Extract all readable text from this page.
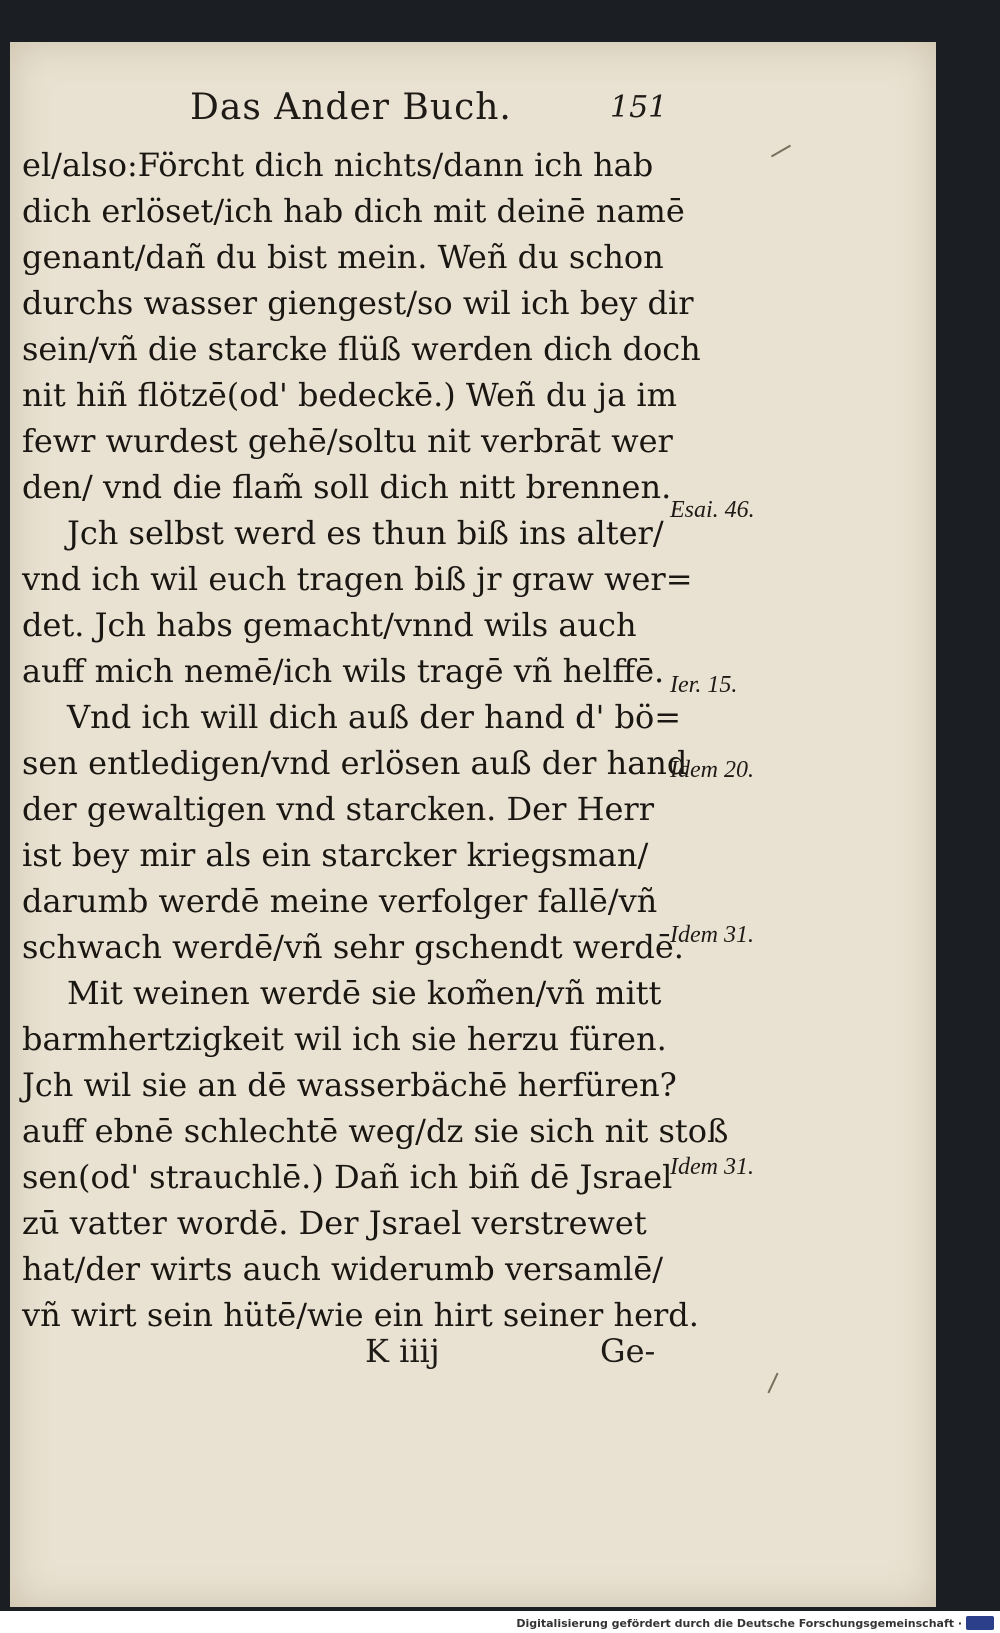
Das Ander Buch.	151
el/also:Förcht dich nichts/dann ich hab
dich erlöset/ich hab dich mit deinē namē
genant/dañ du bist mein. Weñ du schon
durchs wasser giengest/so wil ich bey dir
sein/vñ die starcke flüß werden dich doch
nit hiñ flötzē(od' bedeckē.) Weñ du ja im
fewr wurdest gehē/soltu nit verbrāt wer
den/ vnd die flam̃ soll dich nitt brennen.
Jch selbst werd es thun biß ins alter/
vnd ich wil euch tragen biß jr graw wer=
det. Jch habs gemacht/vnnd wils auch
auff mich nemē/ich wils tragē vñ helffē.
Vnd ich will dich auß der hand d' bö=
sen entledigen/vnd erlösen auß der hand
der gewaltigen vnd starcken. Der Herr
ist bey mir als ein starcker kriegsman/
darumb werdē meine verfolger fallē/vñ
schwach werdē/vñ sehr gschendt werdē.
Mit weinen werdē sie kom̃en/vñ mitt
barmhertzigkeit wil ich sie herzu füren.
Jch wil sie an dē wasserbächē herfüren?
auff ebnē schlechtē weg/dz sie sich nit stoß
sen(od' strauchlē.) Dañ ich biñ dē Jsrael
zū vatter wordē. Der Jsrael verstrewet
hat/der wirts auch widerumb versamlē/
vñ wirt sein hütē/wie ein hirt seiner herd.
Esai. 46.
Ier. 15.
Idem 20.
Idem 31.
Idem 31.
K iiij	Ge-
Digitalisierung gefördert durch die Deutsche Forschungsgemeinschaft ·
